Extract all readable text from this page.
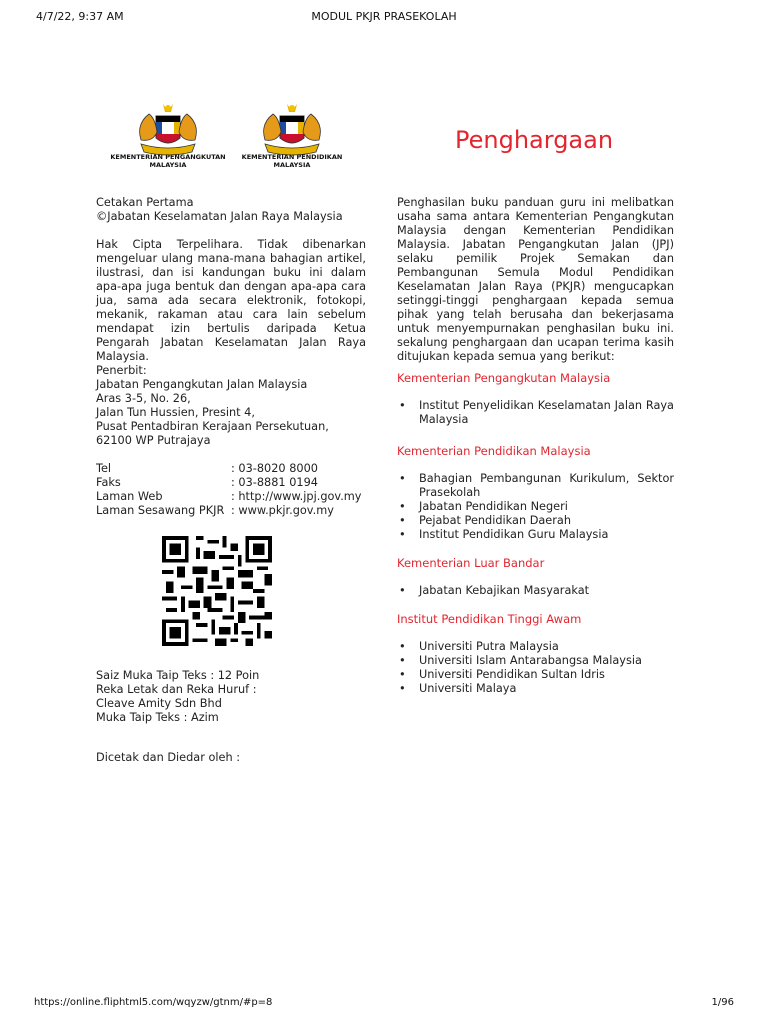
4/7/22, 9:37 AM	MODUL PKJR PRASEKOLAH
KEMENTERIAN PENGANGKUTAN
MALAYSIA
KEMENTERIAN PENDIDIKAN
MALAYSIA
Penghargaan

Cetakan Pertama

©Jabatan Keselamatan Jalan Raya Malaysia

Hak Cipta Terpelihara. Tidak dibenarkan mengeluar ulang mana-mana bahagian artikel, ilustrasi, dan isi kandungan buku ini dalam apa-apa juga bentuk dan dengan apa-apa cara jua, sama ada secara elektronik, fotokopi, mekanik, rakaman atau cara lain sebelum mendapat izin bertulis daripada Ketua Pengarah Jabatan Keselamatan Jalan Raya Malaysia.

Penerbit:

Jabatan Pengangkutan Jalan Malaysia

Aras 3-5, No. 26,

Jalan Tun Hussien, Presint 4,

Pusat Pentadbiran Kerajaan Persekutuan,

62100 WP Putrajaya

Tel	: 03-8020 8000
Faks	: 03-8881 0194
Laman Web	: http://www.jpj.gov.my
Laman Sesawang PKJR : www.pkjr.gov.my

Saiz Muka Taip Teks : 12 Poin

Reka Letak dan Reka Huruf :

Cleave Amity Sdn Bhd

Muka Taip Teks : Azim

Dicetak dan Diedar oleh :
Penghasilan buku panduan guru ini melibatkan usaha sama antara Kementerian Pengangkutan Malaysia dengan Kementerian Pendidikan Malaysia. Jabatan Pengangkutan Jalan (JPJ) selaku pemilik Projek Semakan dan Pembangunan Semula Modul Pendidikan Keselamatan Jalan Raya (PKJR) mengucapkan setinggi-tinggi penghargaan kepada semua pihak yang telah berusaha dan bekerjasama untuk menyempurnakan penghasilan buku ini. sekalung penghargaan dan ucapan terima kasih ditujukan kepada semua yang berikut:
Kementerian Pengangkutan Malaysia
• Institut Penyelidikan Keselamatan Jalan Raya Malaysia
Kementerian Pendidikan Malaysia
• Bahagian Pembangunan Kurikulum, Sektor Prasekolah
• Jabatan Pendidikan Negeri
• Pejabat Pendidikan Daerah
• Institut Pendidikan Guru Malaysia
Kementerian Luar Bandar
• Jabatan Kebajikan Masyarakat
Institut Pendidikan Tinggi Awam
• Universiti Putra Malaysia
• Universiti Islam Antarabangsa Malaysia
• Universiti Pendidikan Sultan Idris
• Universiti Malaya
https://online.fliphtml5.com/wqyzw/gtnm/#p=8	1/96
